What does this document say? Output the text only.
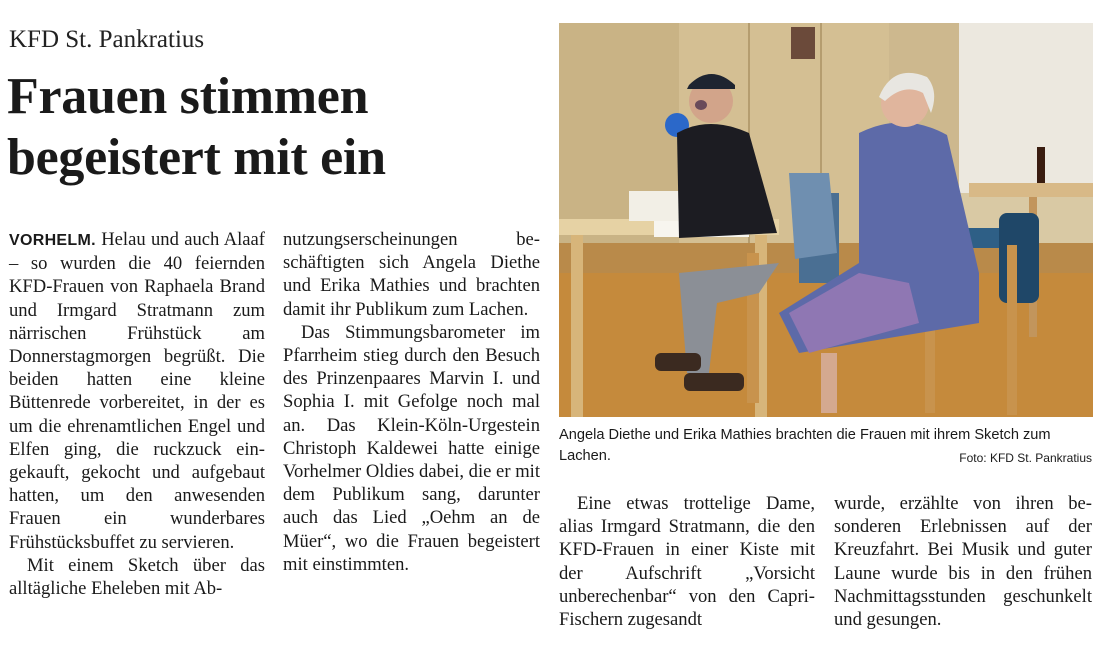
KFD St. Pankratius
Frauen stimmen begeistert mit ein

VORHELM. Helau und auch Alaaf – so wurden die 40 feiernden KFD-Frauen von Raphaela Brand und Irmgard Stratmann zum närrischen Frühstück am Donnerstagmorgen begrüßt. Die beiden hatten eine kleine Büttenrede vorbereitet, in der es um die ehrenamtlichen Engel und Elfen ging, die ruckzuck eingekauft, gekocht und aufgebaut hatten, um den anwesenden Frauen ein wunderbares Frühstücksbuffet zu servieren.

Mit einem Sketch über das alltägliche Eheleben mit Ab-

nutzungserscheinungen beschäftigten sich Angela Diethe und Erika Mathies und brachten damit ihr Publikum zum Lachen.

Das Stimmungsbarometer im Pfarrheim stieg durch den Besuch des Prinzenpaares Marvin I. und Sophia I. mit Gefolge noch mal an. Das Klein-Köln-Urgestein Christoph Kaldewei hatte einige Vorhelmer Oldies dabei, die er mit dem Publikum sang, darunter auch das Lied „Oehm an de Müer“, wo die Frauen begeistert mit einstimmten.

Eine etwas trottelige Dame, alias Irmgard Stratmann, die den KFD-Frauen in einer Kiste mit der Aufschrift „Vorsicht unberechenbar“ von den Capri-Fischern zugesandt

wurde, erzählte von ihren besonderen Erlebnissen auf der Kreuzfahrt. Bei Musik und guter Laune wurde bis in den frühen Nachmittagsstunden geschunkelt und gesungen.

Angela Diethe und Erika Mathies brachten die Frauen mit ihrem Sketch zum Lachen.	Foto: KFD St. Pankratius
